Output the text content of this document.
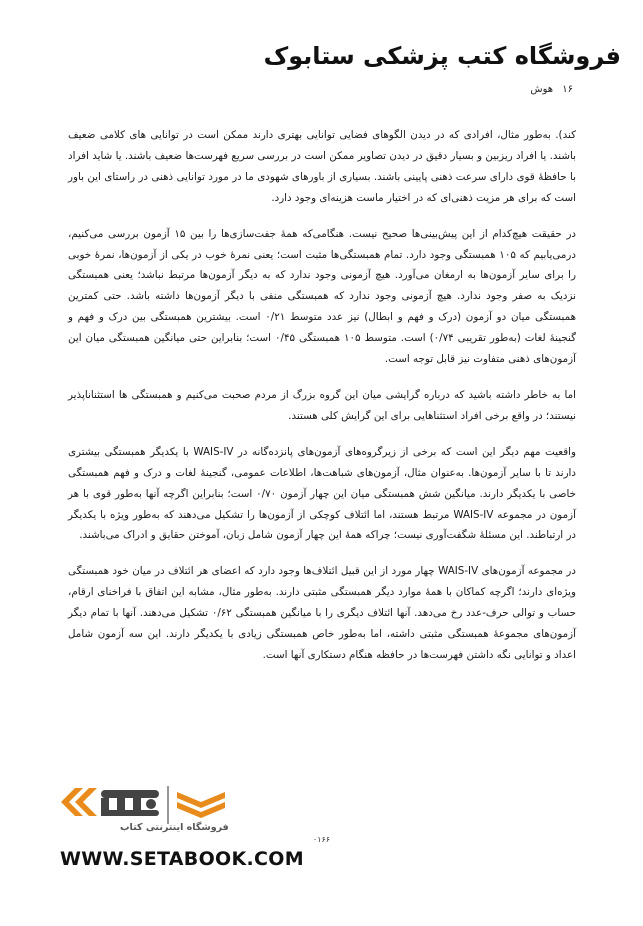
فروشگاه کتب پزشکی ستابوک
۱۶ هوش

کند). به‌طور مثال، افرادی که در دیدن الگوهای فضایی توانایی بهتری دارند ممکن است در توانایی های کلامی ضعیف باشند. یا افراد ریزبین و بسیار دقیق در دیدن تصاویر ممکن است در بررسی سریع فهرست‌ها ضعیف باشند. یا شاید افراد با حافظهٔ قوی دارای سرعت ذهنی پایینی باشند. بسیاری از باورهای شهودی ما در مورد توانایی ذهنی در راستای این باور است که برای هر مزیت ذهنی‌ای که در اختیار ماست هزینه‌ای وجود دارد.

در حقیقت هیچ‌کدام از این پیش‌بینی‌ها صحیح نیست. هنگامی‌که همهٔ جفت‌سازی‌ها را بین ۱۵ آزمون بررسی می‌کنیم، درمی‌یابیم که ۱۰۵ همبستگی وجود دارد. تمام همبستگی‌ها مثبت است؛ یعنی نمرهٔ خوب در یکی از آزمون‌ها، نمرهٔ خوبی را برای سایر آزمون‌ها به ارمغان می‌آورد. هیچ آزمونی وجود ندارد که به دیگر آزمون‌ها مرتبط نباشد؛ یعنی همبستگی نزدیک به صفر وجود ندارد. هیچ آزمونی وجود ندارد که همبستگی منفی با دیگر آزمون‌ها داشته باشد. حتی کمترین همبستگی میان دو آزمون (درک و فهم و ابطال) نیز عدد متوسط ۰/۲۱ است. بیشترین همبستگی بین درک و فهم و گنجینهٔ لغات (به‌طور تقریبی ۰/۷۴) است. متوسط ۱۰۵ همبستگی ۰/۴۵ است؛ بنابراین حتی میانگین همبستگی میان این آزمون‌های ذهنی متفاوت نیز قابل توجه است.

اما به خاطر داشته باشید که درباره گرایشی میان این گروه بزرگ از مردم صحبت می‌کنیم و همبستگی ها استثناناپذیر نیستند؛ در واقع برخی افراد استثناهایی برای این گرایش کلی هستند.

واقعیت مهم دیگر این است که برخی از زیرگروه‌های آزمون‌های پانزده‌گانه در WAIS-IV با یکدیگر همبستگی بیشتری دارند تا با سایر آزمون‌ها. به‌عنوان مثال، آزمون‌های شباهت‌ها، اطلاعات عمومی، گنجینهٔ لغات و درک و فهم همبستگی خاصی با یکدیگر دارند. میانگین شش همبستگی میان این چهار آزمون ۰/۷۰ است؛ بنابراین اگرچه آنها به‌طور قوی با هر آزمون در مجموعه WAIS-IV مرتبط هستند، اما ائتلاف کوچکی از آزمون‌ها را تشکیل می‌دهند که به‌طور ویژه با یکدیگر در ارتباطند. این مسئلهٔ شگفت‌آوری نیست؛ چراکه همهٔ این چهار آزمون شامل زبان، آموختن حقایق و ادراک می‌باشند.

در مجموعه آزمون‌های WAIS-IV چهار مورد از این قبیل ائتلاف‌ها وجود دارد که اعضای هر ائتلاف در میان خود همبستگی ویژه‌ای دارند؛ اگرچه کماکان با همهٔ موارد دیگر همبستگی مثبتی دارند. به‌طور مثال، مشابه این اتفاق با فراخنای ارقام، حساب و توالی حرف-عدد رخ می‌دهد. آنها ائتلاف دیگری را با میانگین همبستگی ۰/۶۲ تشکیل می‌دهند. آنها با تمام دیگر آزمون‌های مجموعهٔ همبستگی مثبتی داشته، اما به‌طور خاص همبستگی زیادی با یکدیگر دارند. این سه آزمون شامل اعداد و توانایی نگه داشتن فهرست‌ها در حافظه هنگام دستکاری آنها است.

فروشگاه اینترنتی کتاب
WWW.SETABOOK.COM
۰۱۶۶
